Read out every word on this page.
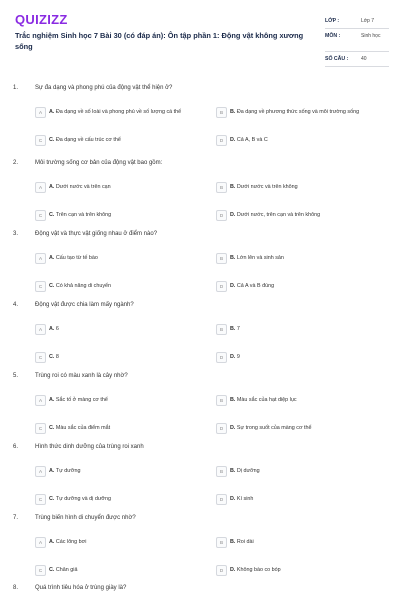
QUIZIZZ
Trắc nghiệm Sinh học 7 Bài 30 (có đáp án): Ôn tập phần 1: Động vật không xương sống
LỚP :	Lớp 7
MÔN :	Sinh học
SỐ CÂU :	40
1.	Sự đa dạng và phong phú của động vật thể hiện ở?
A	A. Đa dạng về số loài và phong phú về số lượng cá thể	B	B. Đa dạng về phương thức sống và môi trường sống
C	C. Đa dạng về cấu trúc cơ thể	D	D. Cả A, B và C
2.	Môi trường sống cơ bản của động vật bao gồm:
A	A. Dưới nước và trên cạn	B	B. Dưới nước và trên không
C	C. Trên cạn và trên không	D	D. Dưới nước, trên cạn và trên không
3.	Động vật và thực vật giống nhau ở điểm nào?
A	A. Cấu tạo từ tế bào	B	B. Lớn lên và sinh sản
C	C. Có khả năng di chuyển	D	D. Cả A và B đúng
4.	Động vật được chia làm mấy ngành?
A	A. 6	B	B. 7
C	C. 8	D	D. 9
5.	Trùng roi có màu xanh là cây nhờ?
A	A. Sắc tố ở màng cơ thể	B	B. Màu sắc của hạt diệp lục
C	C. Màu sắc của điểm mắt	D	D. Sự trong suốt của màng cơ thể
6.	Hình thức dinh dưỡng của trùng roi xanh
A	A. Tự dưỡng	B	B. Dị dưỡng
C	C. Tự dưỡng và dị dưỡng	D	D. Kí sinh
7.	Trùng biến hình di chuyển được nhờ?
A	A. Các lông bơi	B	B. Roi dài
C	C. Chân giả	D	D. Không bào co bóp
8.	Quá trình tiêu hóa ở trùng giày là?
